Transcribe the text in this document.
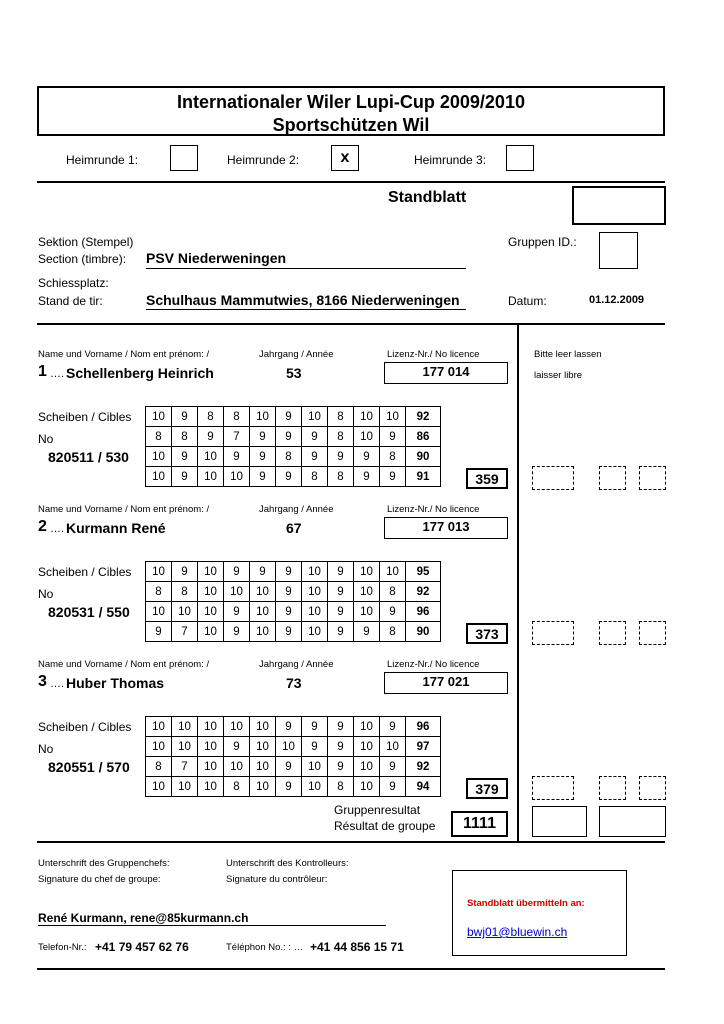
Internationaler Wiler Lupi-Cup 2009/2010
Sportschützen Wil
Heimrunde 1:	Heimrunde 2:	x	Heimrunde 3:
Standblatt
Sektion (Stempel)
Section (timbre): PSV Niederweningen
Gruppen ID.:
Schiessplatz:
Stand de tir:	Schulhaus Mammutwies, 8166 Niederweningen	Datum:	01.12.2009
Name und Vorname / Nom ent prénom: /	Jahrgang / Année	Lizenz-Nr./ No licence	Bitte leer lassen
laisser libre
1 …. Schellenberg Heinrich	53	177 014
Scheiben / Cibles
No
820511 / 530
10	9	8	8	10	9	10	8	10	10	92
8	8	9	7	9	9	9	8	10	9	86
10	9	10	9	9	8	9	9	9	8	90
10	9	10	10	9	9	8	8	9	9	91	359
Name und Vorname / Nom ent prénom: /	Jahrgang / Année	Lizenz-Nr./ No licence
2 …. Kurmann René	67	177 013
Scheiben / Cibles
No
820531 / 550
10	9	10	9	9	9	10	9	10	10	95
8	8	10	10	10	9	10	9	10	8	92
10	10	10	9	10	9	10	9	10	9	96
9	7	10	9	10	9	10	9	9	8	90	373
Name und Vorname / Nom ent prénom: /	Jahrgang / Année	Lizenz-Nr./ No licence
3 …. Huber Thomas	73	177 021
Scheiben / Cibles
No
820551 / 570
10	10	10	10	10	9	9	9	10	9	96
10	10	10	9	10	10	9	9	10	10	97
8	7	10	10	10	9	10	9	10	9	92
10	10	10	8	10	9	10	8	10	9	94	379
Gruppenresultat
Résultat de groupe	1111
Unterschrift des Gruppenchefs:
Signature du chef de groupe:
Unterschrift des Kontrolleurs:
Signature du contrôleur:
René Kurmann, rene@85kurmann.ch
Telefon-Nr.: +41 79 457 62 76	Téléphon No.: : … +41 44 856 15 71
Standblatt übermitteln an:
bwj01@bluewin.ch
